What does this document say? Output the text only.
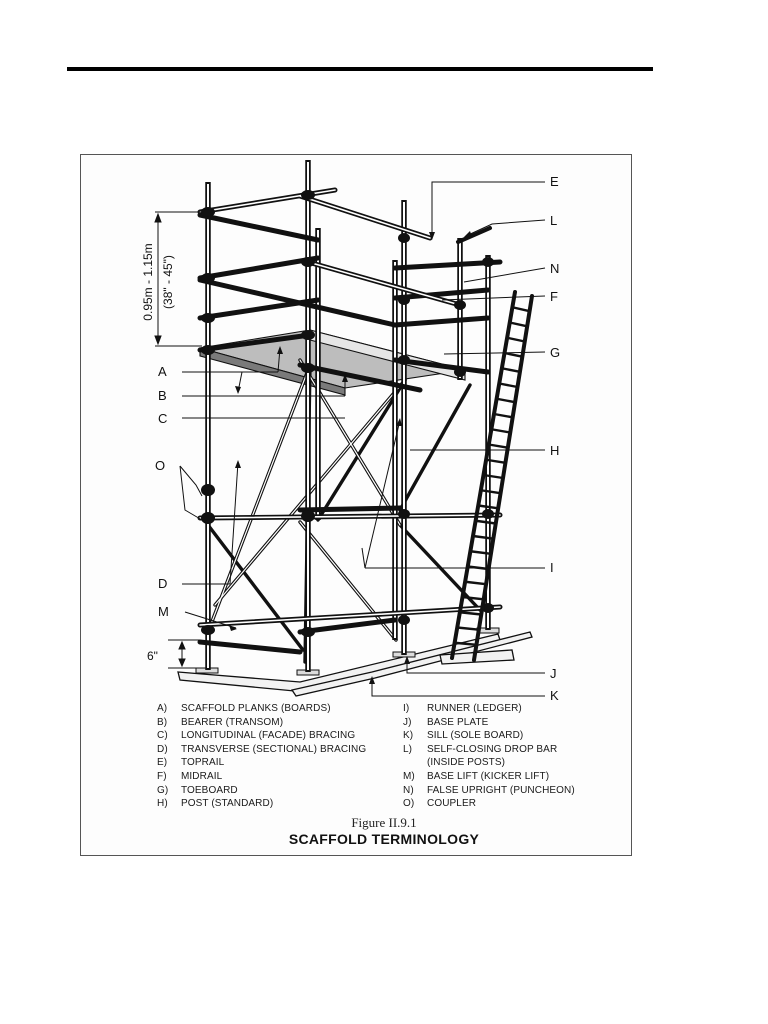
0.95m - 1.15m (38" - 45")
6"
E
L
N
F
G
A
B
C
H
O
I
D
M
J
K
A)	SCAFFOLD PLANKS (BOARDS)
B)	BEARER (TRANSOM)
C)	LONGITUDINAL (FACADE) BRACING
D)	TRANSVERSE (SECTIONAL) BRACING
E)	TOPRAIL
F)	MIDRAIL
G)	TOEBOARD
H)	POST (STANDARD)
I)	RUNNER (LEDGER)
J)	BASE PLATE
K)	SILL (SOLE BOARD)
L)	SELF-CLOSING DROP BAR
(INSIDE POSTS)
M)	BASE LIFT (KICKER LIFT)
N)	FALSE UPRIGHT (PUNCHEON)
O)	COUPLER
Figure II.9.1
SCAFFOLD TERMINOLOGY
